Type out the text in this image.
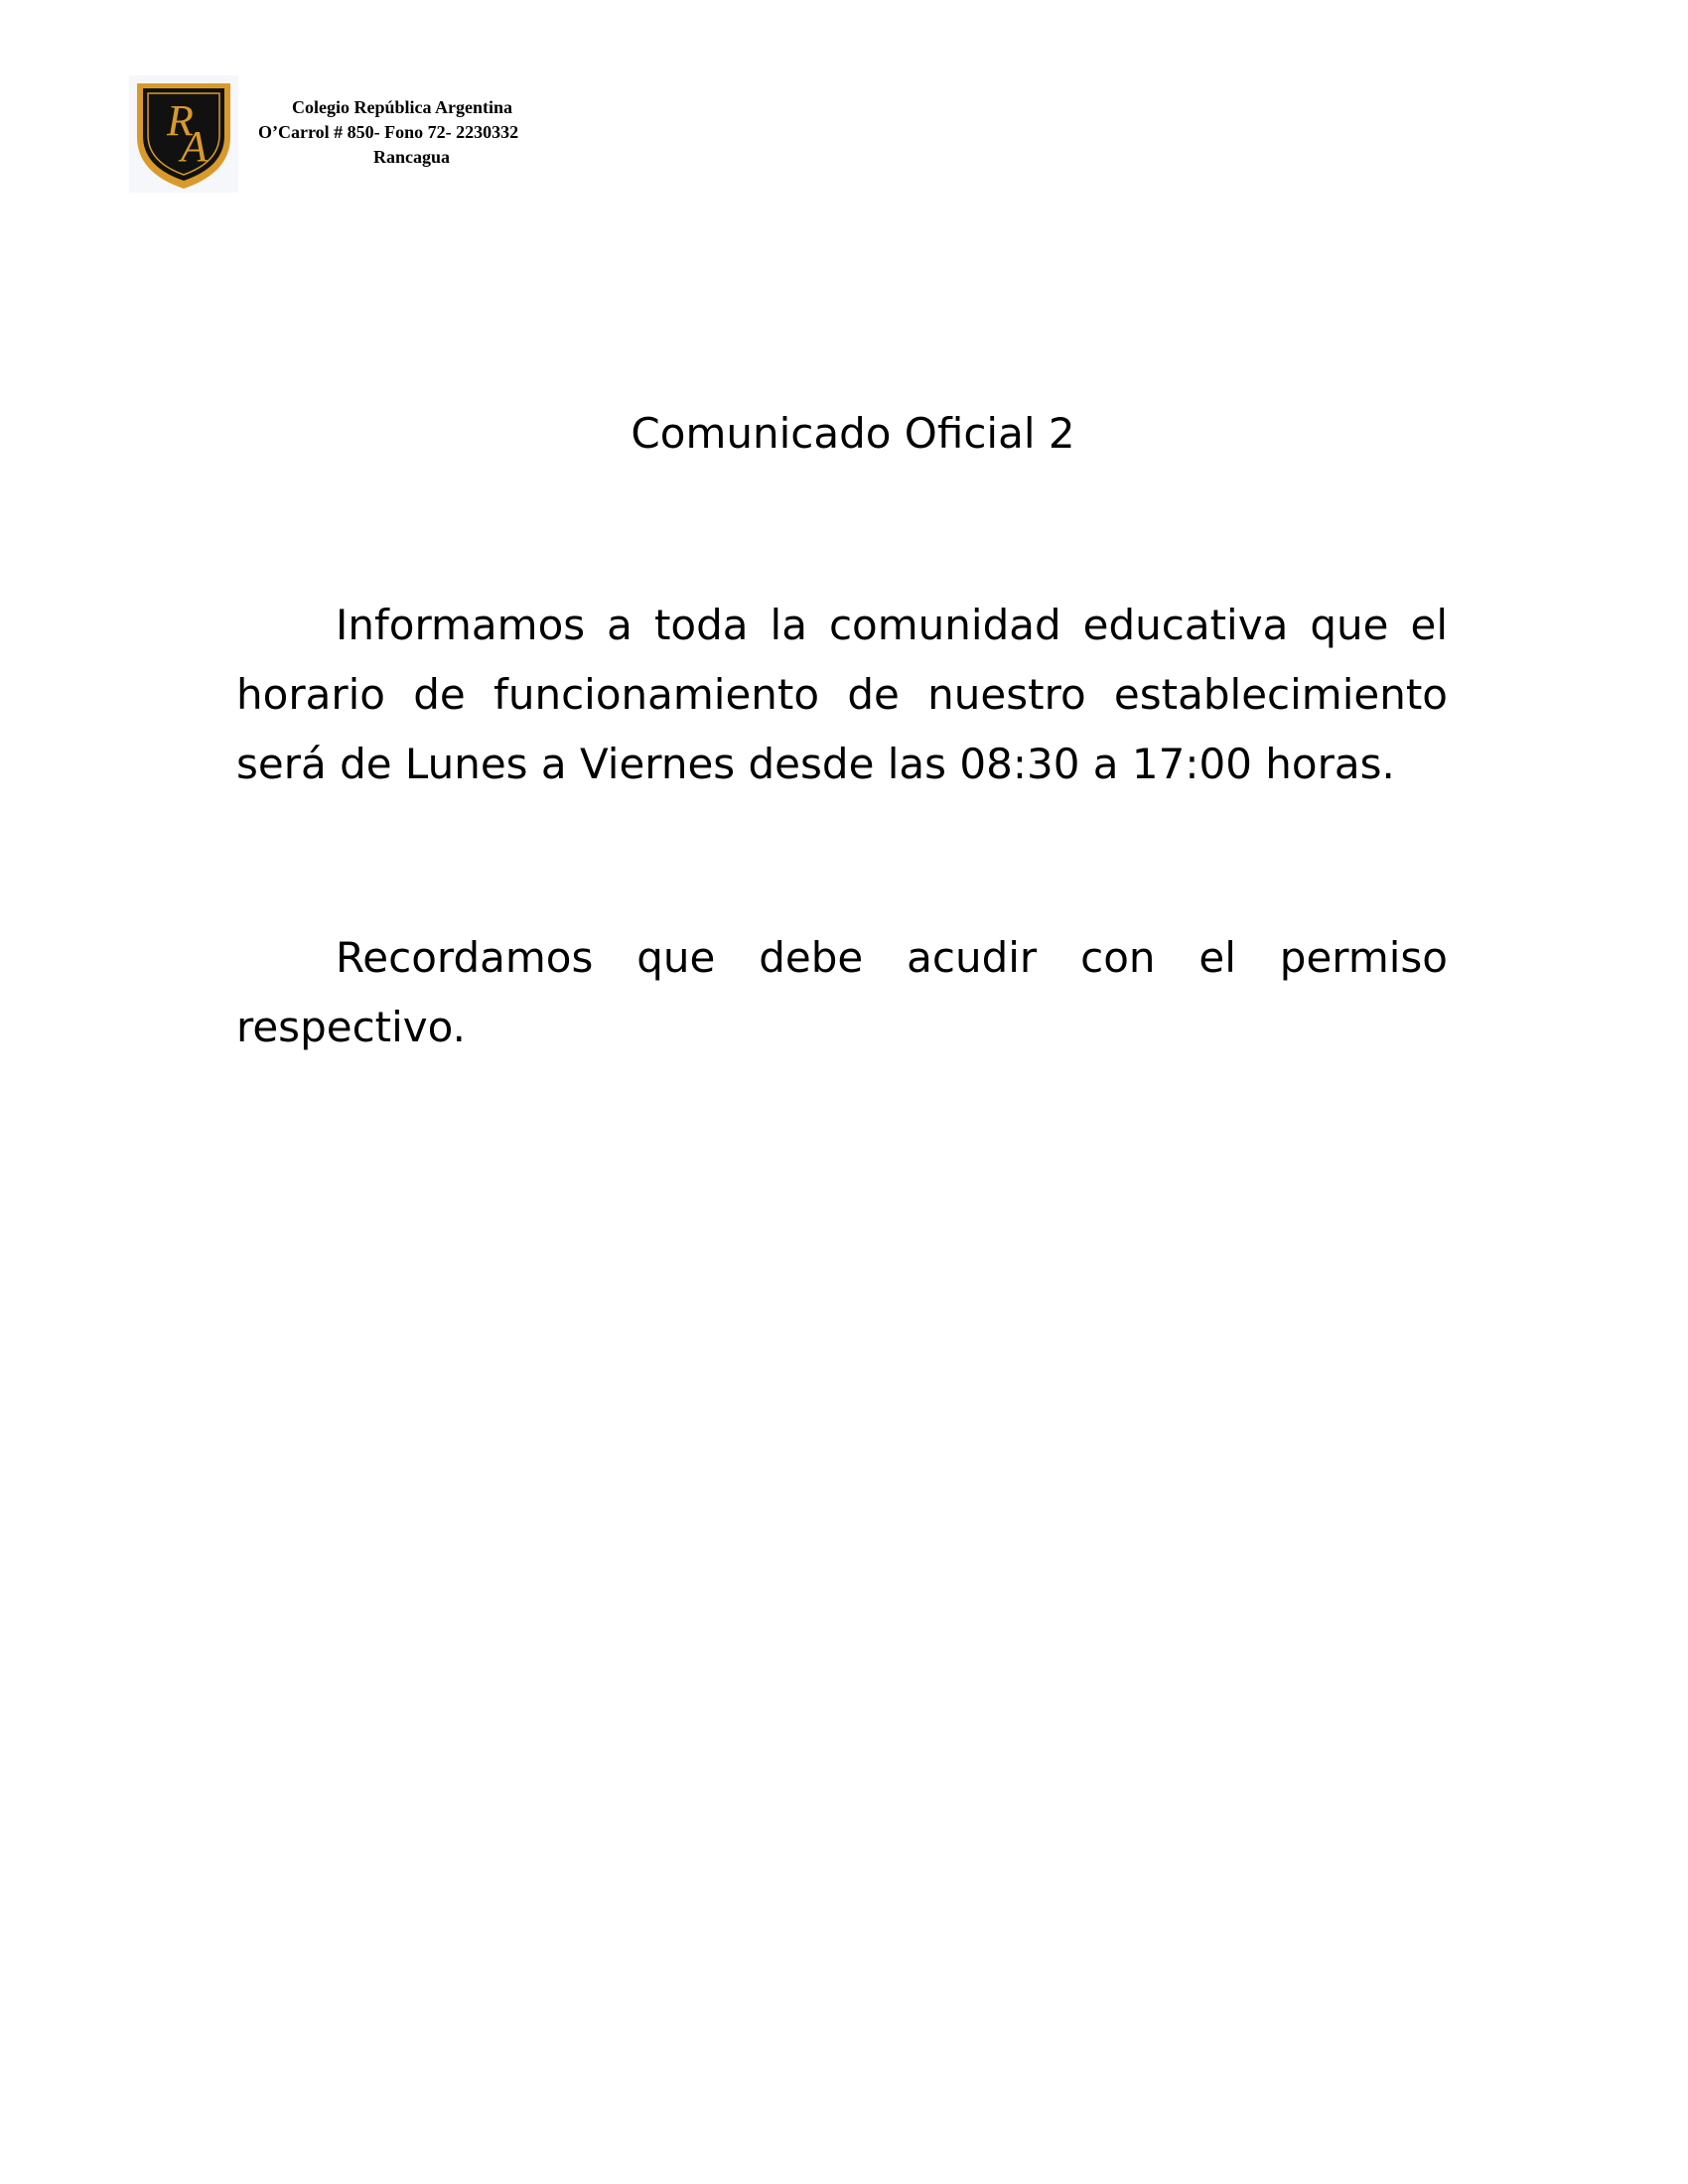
R
A
Colegio República Argentina
O’Carrol # 850- Fono 72- 2230332
Rancagua
Comunicado Oficial 2

Informamos a toda la comunidad educativa que el horario de funcionamiento de nuestro establecimiento será de Lunes a Viernes desde las 08:30 a 17:00 horas.

Recordamos que debe acudir con el permiso respectivo.
